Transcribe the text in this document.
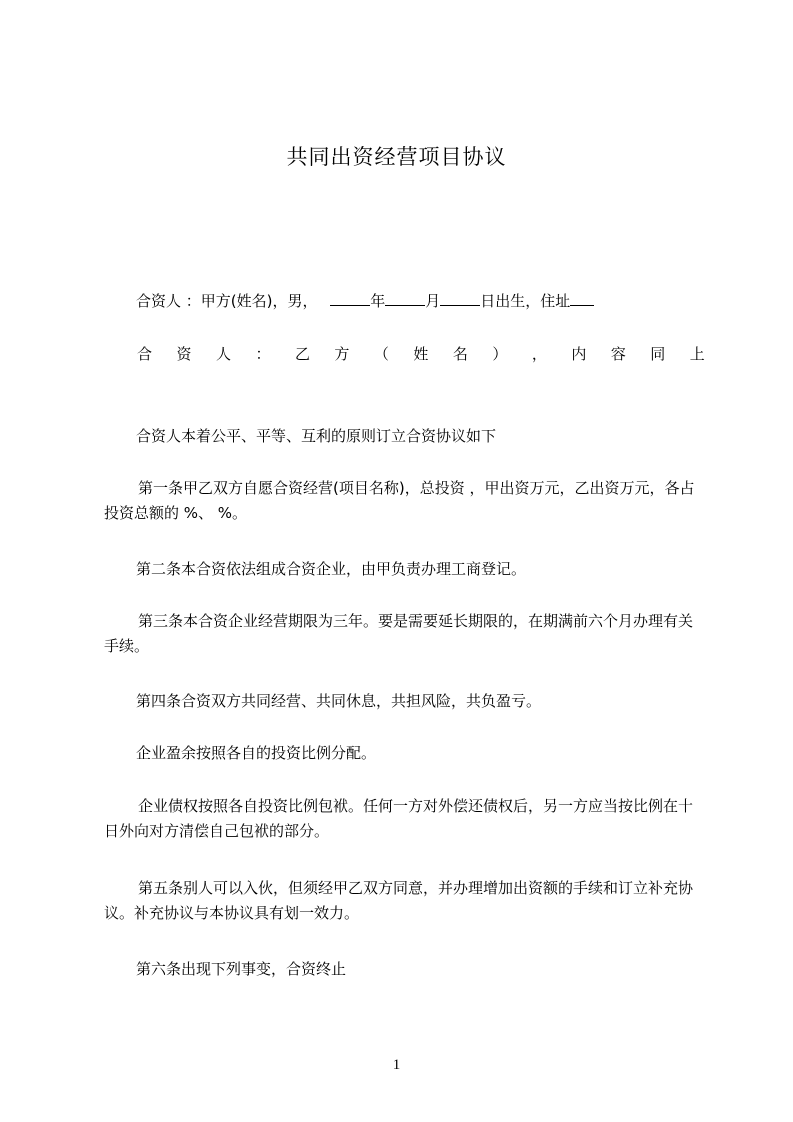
共同出资经营项目协议
合资人 ：甲方(姓名)，男，	年	月	日出生，住址
合 资 人 ： 乙 方 （ 姓 名 ） ， 内 容 同 上
合资人本着公平、平等、互利的原则订立合资协议如下
第一条甲乙双方自愿合资经营(项目名称)，总投资 ，甲出资万元，乙出资万元，各占投资总额的 %、 %。
第二条本合资依法组成合资企业，由甲负责办理工商登记。
第三条本合资企业经营期限为三年。要是需要延长期限的，在期满前六个月办理有关手续。
第四条合资双方共同经营、共同休息，共担风险，共负盈亏。
企业盈余按照各自的投资比例分配。
企业债权按照各自投资比例包袱。任何一方对外偿还债权后，另一方应当按比例在十日外向对方清偿自己包袱的部分。
第五条别人可以入伙，但须经甲乙双方同意，并办理增加出资额的手续和订立补充协议。补充协议与本协议具有划一效力。
第六条出现下列事变，合资终止
1
